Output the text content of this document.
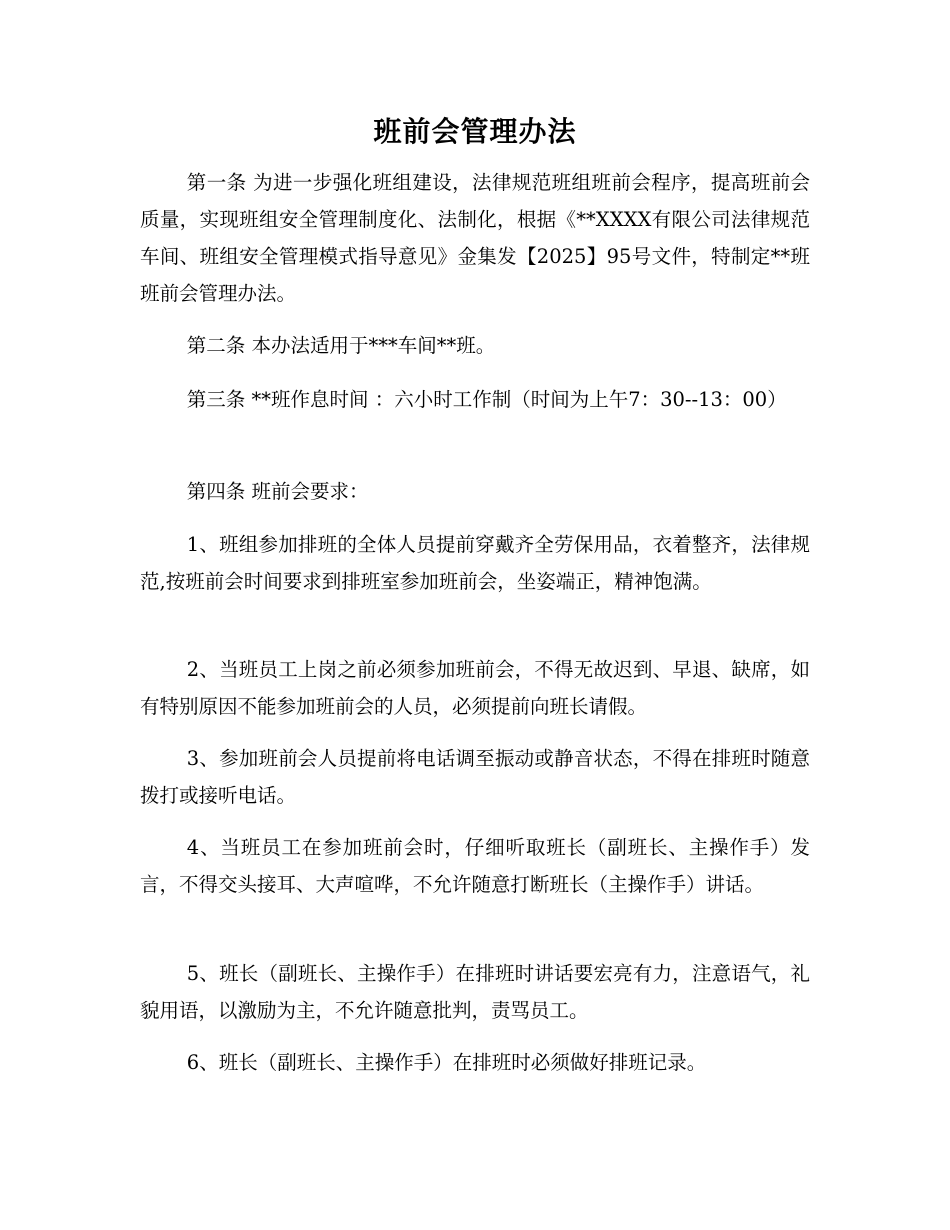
班前会管理办法

第一条 为进一步强化班组建设，法律规范班组班前会程序，提高班前会质量，实现班组安全管理制度化、法制化，根据《**XXXX有限公司法律规范车间、班组安全管理模式指导意见》金集发【2025】95号文件，特制定**班班前会管理办法。

第二条 本办法适用于***车间**班。

第三条 **班作息时间 ：六小时工作制（时间为上午7：30--13：00）

第四条 班前会要求：

1、班组参加排班的全体人员提前穿戴齐全劳保用品，衣着整齐，法律规范,按班前会时间要求到排班室参加班前会，坐姿端正，精神饱满。

2、当班员工上岗之前必须参加班前会，不得无故迟到、早退、缺席，如有特别原因不能参加班前会的人员，必须提前向班长请假。

3、参加班前会人员提前将电话调至振动或静音状态，不得在排班时随意拨打或接听电话。

4、当班员工在参加班前会时，仔细听取班长（副班长、主操作手）发言，不得交头接耳、大声喧哗，不允许随意打断班长（主操作手）讲话。

5、班长（副班长、主操作手）在排班时讲话要宏亮有力，注意语气，礼貌用语，以激励为主，不允许随意批判，责骂员工。

6、班长（副班长、主操作手）在排班时必须做好排班记录。
